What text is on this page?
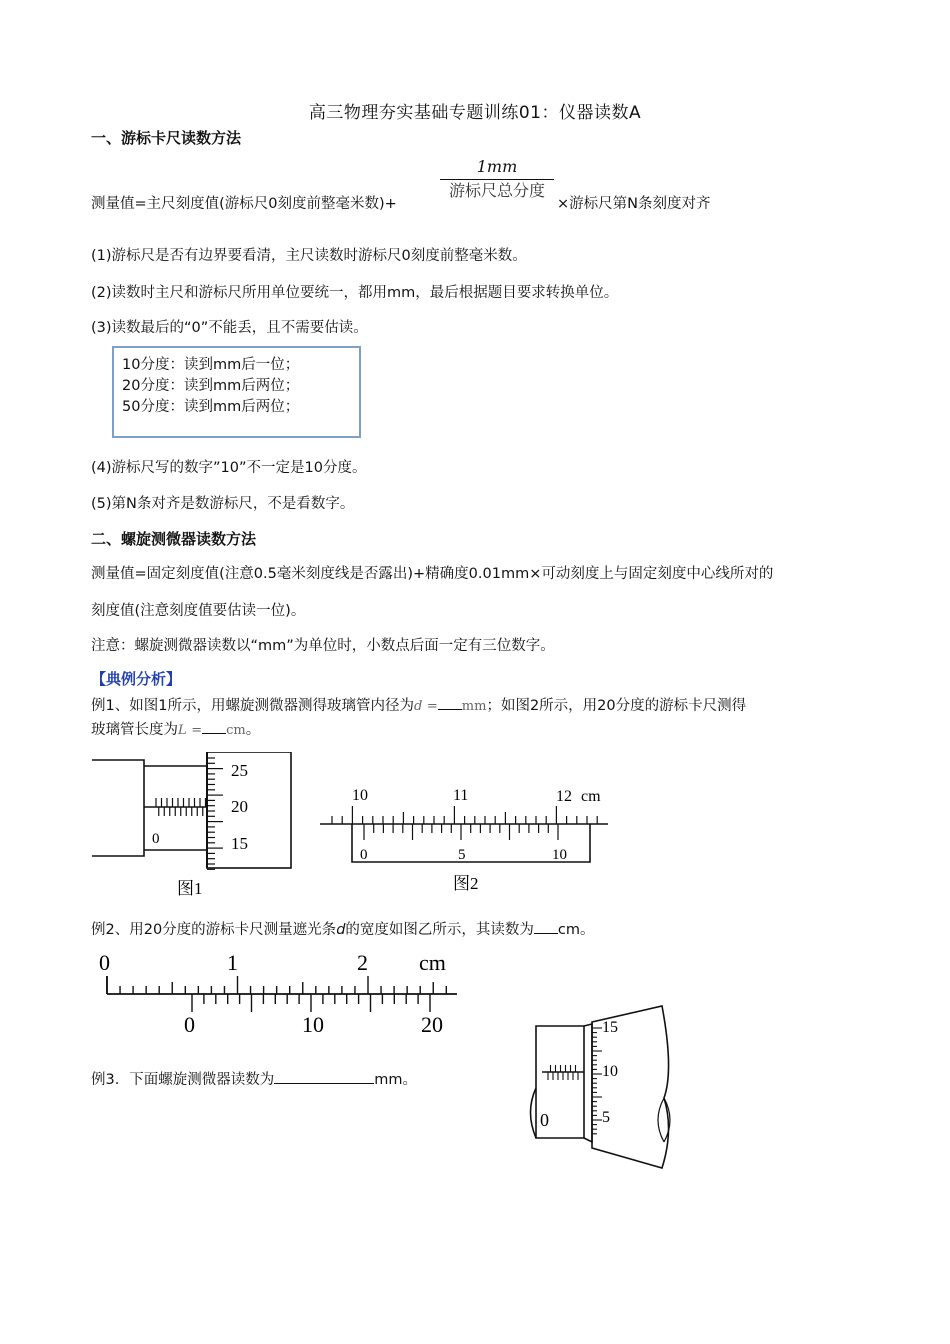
高三物理夯实基础专题训练01：仪器读数A
一、游标卡尺读数方法
测量值=主尺刻度值(游标尺0刻度前整毫米数)+
1mm
游标尺总分度
×游标尺第N条刻度对齐
(1)游标尺是否有边界要看清，主尺读数时游标尺0刻度前整毫米数。
(2)读数时主尺和游标尺所用单位要统一，都用mm，最后根据题目要求转换单位。
(3)读数最后的“0”不能丢，且不需要估读。
10分度：读到mm后一位；
20分度：读到mm后两位；
50分度：读到mm后两位；
(4)游标尺写的数字”10”不一定是10分度。
(5)第N条对齐是数游标尺，不是看数字。
二、螺旋测微器读数方法
测量值=固定刻度值(注意0.5毫米刻度线是否露出)+精确度0.01mm×可动刻度上与固定刻度中心线所对的
刻度值(注意刻度值要估读一位)。
注意：螺旋测微器读数以“mm”为单位时，小数点后面一定有三位数字。
【典例分析】
例1、如图1所示，用螺旋测微器测得玻璃管内径为d = mm；如图2所示，用20分度的游标卡尺测得
玻璃管长度为L = cm。
0
25
20
15
图1
10	11	12 cm
0	5	10
图2
例2、用20分度的游标卡尺测量遮光条d的宽度如图乙所示，其读数为 cm。
0	1	2 cm
0	10	20
例3．下面螺旋测微器读数为	mm。
0
15
10
5
